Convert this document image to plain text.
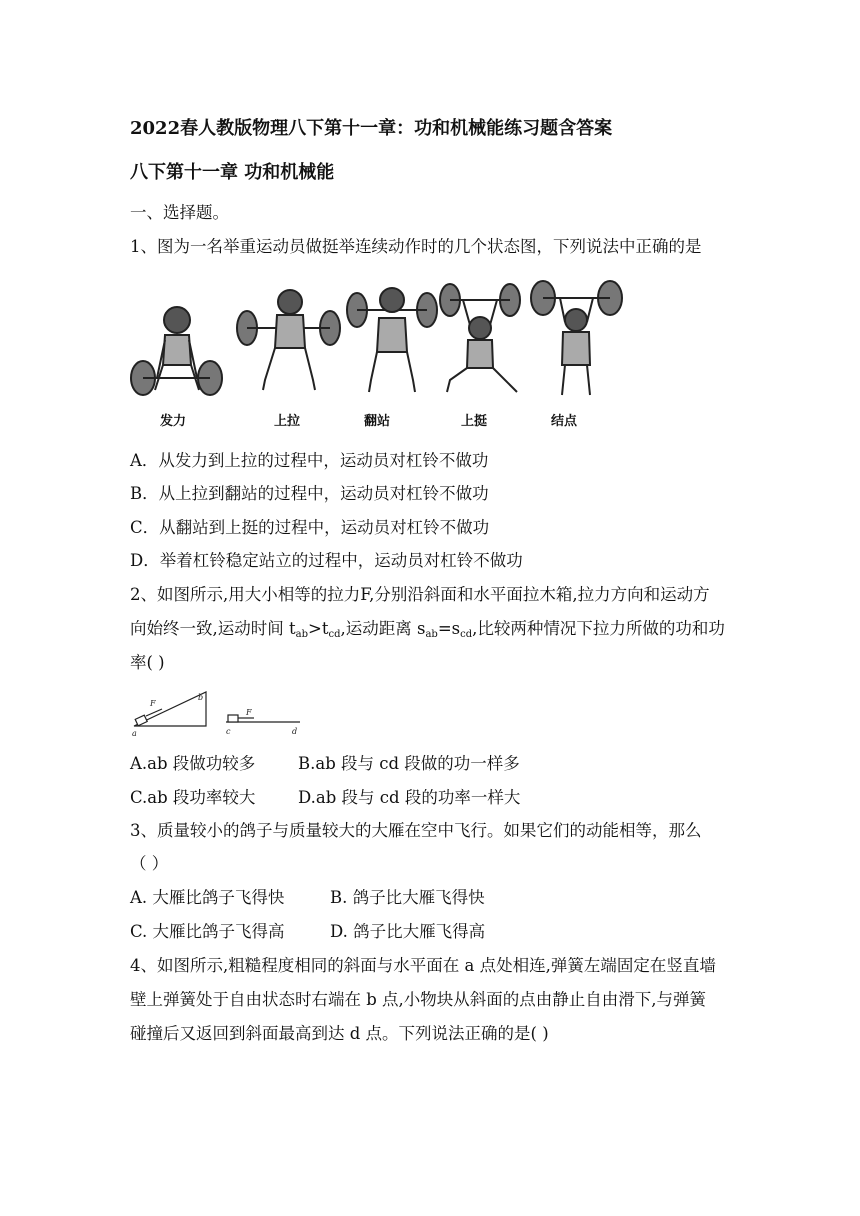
2022春人教版物理八下第十一章：功和机械能练习题含答案
八下第十一章 功和机械能
一、选择题。
1、图为一名举重运动员做挺举连续动作时的几个状态图，下列说法中正确的是
发力	上拉	翻站	上挺	结点
A．从发力到上拉的过程中，运动员对杠铃不做功
B．从上拉到翻站的过程中，运动员对杠铃不做功
C．从翻站到上挺的过程中，运动员对杠铃不做功
D．举着杠铃稳定站立的过程中，运动员对杠铃不做功
2、如图所示,用大小相等的拉力F,分别沿斜面和水平面拉木箱,拉力方向和运动方
向始终一致,运动时间 tab>tcd,运动距离 sab=scd,比较两种情况下拉力所做的功和功
率( )
F
a
b
F
c	d
A.ab 段做功较多	B.ab 段与 cd 段做的功一样多
C.ab 段功率较大	D.ab 段与 cd 段的功率一样大
3、质量较小的鸽子与质量较大的大雁在空中飞行。如果它们的动能相等，那么
（ ）
A. 大雁比鸽子飞得快	B. 鸽子比大雁飞得快
C. 大雁比鸽子飞得高	D. 鸽子比大雁飞得高
4、如图所示,粗糙程度相同的斜面与水平面在 a 点处相连,弹簧左端固定在竖直墙
壁上弹簧处于自由状态时右端在 b 点,小物块从斜面的点由静止自由滑下,与弹簧
碰撞后又返回到斜面最高到达 d 点。下列说法正确的是( )
